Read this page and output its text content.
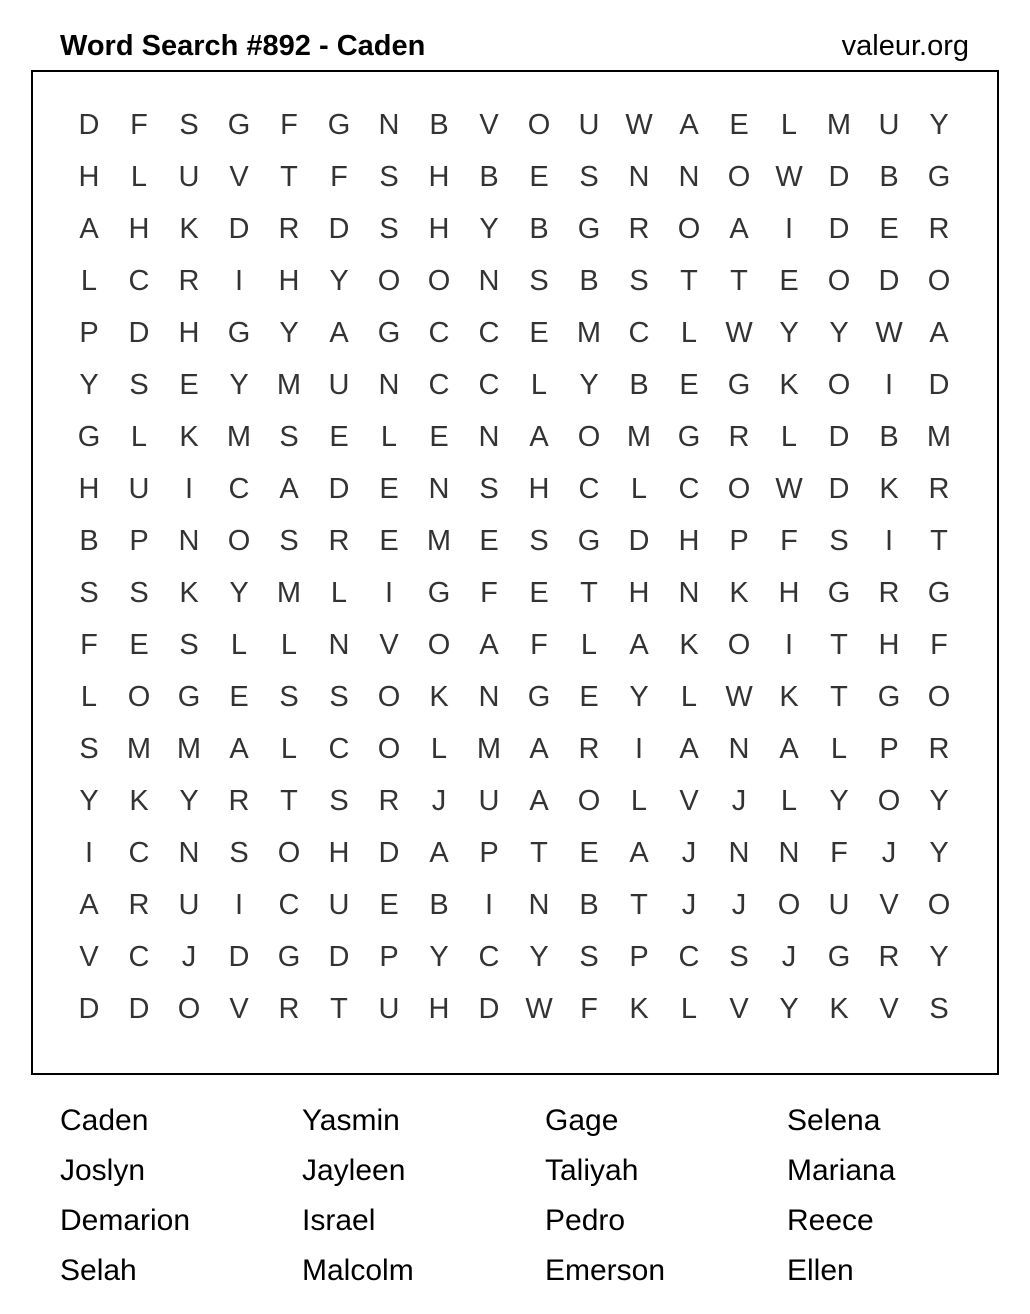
Word Search #892 - Caden	valeur.org
D	F	S	G	F	G N	B	V	O U W A	E	L	M U	Y
H	L	U	V	T	F	S	H	B	E	S	N	N O W D	B	G
A	H	K	D	R	D	S	H	Y	B	G R O	A	I	D	E	R
L	C	R	I	H	Y	O O N	S	B	S	T	T	E	O D O
P	D	H G	Y	A	G C	C	E M C	L W Y	Y W A
Y	S	E	Y M U	N	C	C	L	Y	B	E	G	K	O	I	D
G	L	K M S	E	L	E	N	A	O M G R	L	D	B M
H	U	I	C	A	D	E	N	S	H	C	L	C O W D	K	R
B	P	N O	S	R	E M E	S	G D	H	P	F	S	I	T
S	S	K	Y M	L	I	G	F	E	T	H	N	K	H G R G
F	E	S	L	L	N	V	O	A	F	L	A	K	O	I	T	H	F
L	O G	E	S	S	O	K	N G	E	Y	L W K	T	G O
S M M A	L	C O	L	M A	R	I	A	N	A	L	P	R
Y	K	Y	R	T	S	R	J	U	A	O	L	V	J	L	Y	O	Y
I	C	N	S	O H	D	A	P	T	E	A	J	N	N	F	J	Y
A	R	U	I	C	U	E	B	I	N	B	T	J	J	O U	V	O
V	C	J	D G D	P	Y	C	Y	S	P	C	S	J	G R	Y
D	D O	V	R	T	U	H	D W F	K	L	V	Y	K	V	S
Caden	Yasmin	Gage	Selena
Joslyn	Jayleen	Taliyah	Mariana
Demarion	Israel	Pedro	Reece
Selah	Malcolm	Emerson	Ellen
